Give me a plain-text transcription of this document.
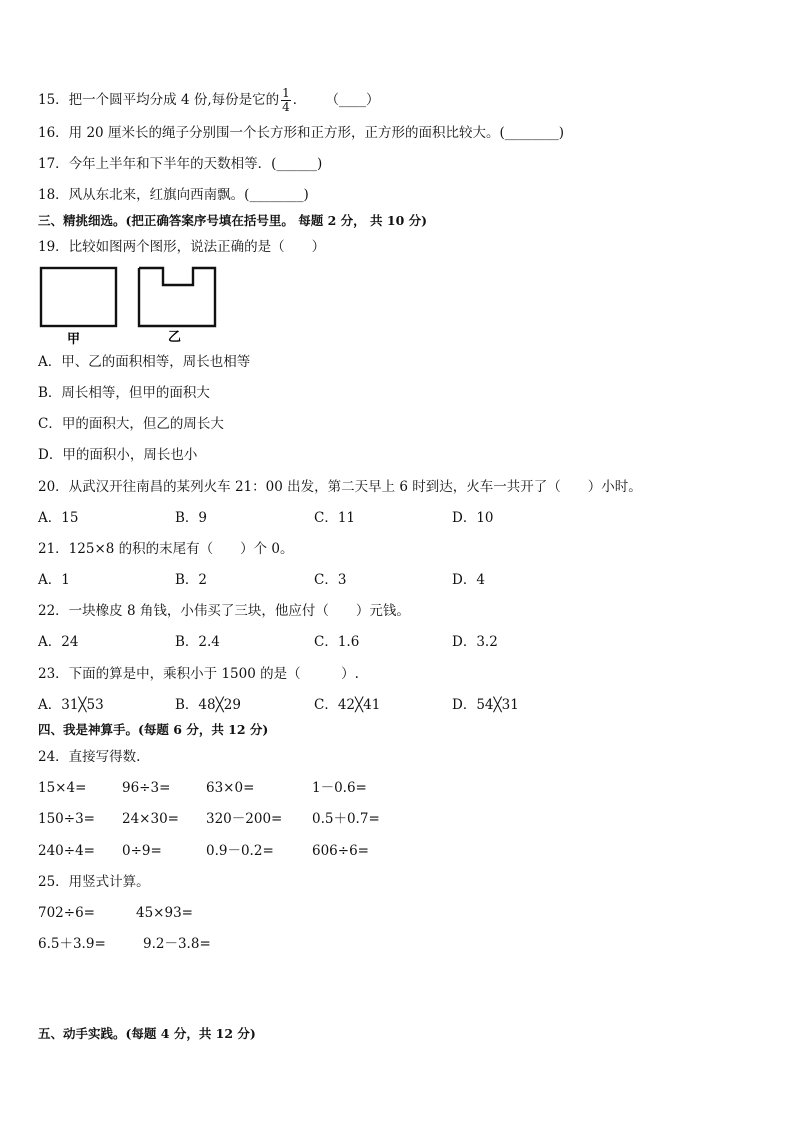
15．把一个圆平均分成 4 份,每份是它的 $\frac{1}{4}$ ． （____）
16．用 20 厘米长的绳子分别围一个长方形和正方形，正方形的面积比较大。(________)
17．今年上半年和下半年的天数相等．(______)
18．风从东北来，红旗向西南飘。(________)
三、精挑细选。(把正确答案序号填在括号里。 每题 2 分， 共 10 分)
19．比较如图两个图形，说法正确的是（　　）
甲	乙
A．甲、乙的面积相等，周长也相等
B．周长相等，但甲的面积大
C．甲的面积大，但乙的周长大
D．甲的面积小，周长也小
20．从武汉开往南昌的某列火车 21：00 出发，第二天早上 6 时到达，火车一共开了（　　）小时。
A．15	B．9	C．11	D．10
21．125×8 的积的末尾有（　　）个 0。
A．1	B．2	C．3	D．4
22．一块橡皮 8 角钱，小伟买了三块，他应付（　　）元钱。
A．24	B．2.4	C．1.6	D．3.2
23．下面的算是中，乘积小于 1500 的是（　　　）.
A．31╳53	B．48╳29	C．42╳41	D．54╳31
四、我是神算手。(每题 6 分，共 12 分)
24．直接写得数.
15×4=	96÷3=	63×0=	1－0.6=
150÷3= 24×30= 320－200= 0.5＋0.7=
240÷4= 0÷9=	0.9－0.2=	606÷6=
25．用竖式计算。
702÷6=	45×93=
6.5＋3.9=	9.2－3.8=
五、动手实践。(每题 4 分，共 12 分)
